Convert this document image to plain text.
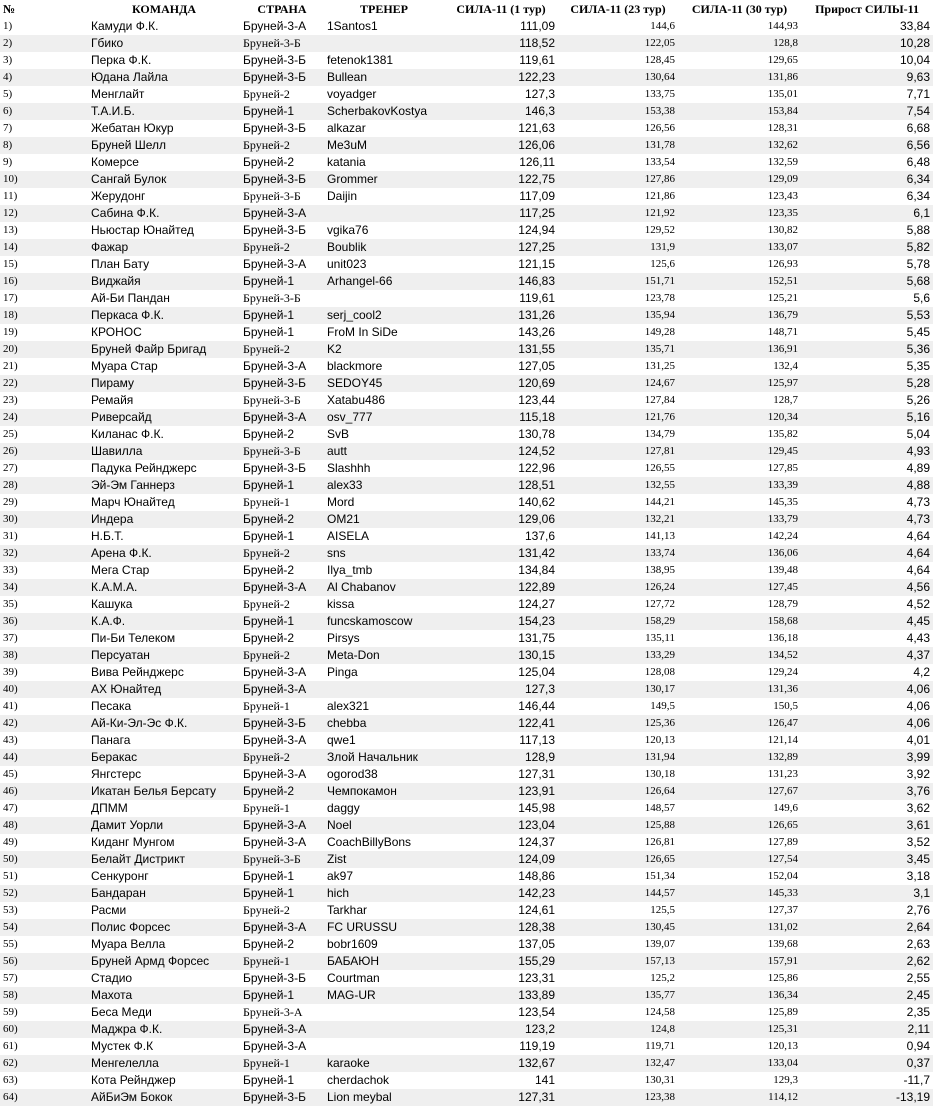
№	КОМАНДА	СТРАНА	ТРЕНЕР	СИЛА-11 (1 тур)	СИЛА-11 (23 тур)	СИЛА-11 (30 тур)	Прирост СИЛЫ-11
1)	Камуди Ф.К.	Бруней-3-А	1Santos1	111,09	144,6	144,93	33,84
2)	Гбико	Бруней-3-Б		118,52	122,05	128,8	10,28
3)	Перка Ф.К.	Бруней-3-Б	fetenok1381	119,61	128,45	129,65	10,04
4)	Юдана Лайла	Бруней-3-Б	Bullean	122,23	130,64	131,86	9,63
5)	Менглайт	Бруней-2	voyadger	127,3	133,75	135,01	7,71
6)	Т.А.И.Б.	Бруней-1	ScherbakovKostya	146,3	153,38	153,84	7,54
7)	Жебатан Юкур	Бруней-3-Б	alkazar	121,63	126,56	128,31	6,68
8)	Бруней Шелл	Бруней-2	Me3uM	126,06	131,78	132,62	6,56
9)	Комерсе	Бруней-2	katania	126,11	133,54	132,59	6,48
10)	Сангай Булок	Бруней-3-Б	Grommer	122,75	127,86	129,09	6,34
11)	Жерудонг	Бруней-3-Б	Daijin	117,09	121,86	123,43	6,34
12)	Сабина Ф.К.	Бруней-3-А		117,25	121,92	123,35	6,1
13)	Ньюстар Юнайтед	Бруней-3-Б	vgika76	124,94	129,52	130,82	5,88
14)	Фажар	Бруней-2	Boublik	127,25	131,9	133,07	5,82
15)	План Бату	Бруней-3-А	unit023	121,15	125,6	126,93	5,78
16)	Виджайя	Бруней-1	Arhangel-66	146,83	151,71	152,51	5,68
17)	Ай-Би Пандан	Бруней-3-Б		119,61	123,78	125,21	5,6
18)	Перкаса Ф.К.	Бруней-1	serj_cool2	131,26	135,94	136,79	5,53
19)	КРОНОС	Бруней-1	FroM In SiDe	143,26	149,28	148,71	5,45
20)	Бруней Файр Бригад	Бруней-2	K2	131,55	135,71	136,91	5,36
21)	Муара Стар	Бруней-3-А	blackmore	127,05	131,25	132,4	5,35
22)	Пираму	Бруней-3-Б	SEDOY45	120,69	124,67	125,97	5,28
23)	Ремайя	Бруней-3-Б	Xatabu486	123,44	127,84	128,7	5,26
24)	Риверсайд	Бруней-3-А	osv_777	115,18	121,76	120,34	5,16
25)	Киланас Ф.К.	Бруней-2	SvB	130,78	134,79	135,82	5,04
26)	Шавилла	Бруней-3-Б	autt	124,52	127,81	129,45	4,93
27)	Падука Рейнджерс	Бруней-3-Б	Slashhh	122,96	126,55	127,85	4,89
28)	Эй-Эм Ганнерз	Бруней-1	alex33	128,51	132,55	133,39	4,88
29)	Марч Юнайтед	Бруней-1	Mord	140,62	144,21	145,35	4,73
30)	Индера	Бруней-2	OM21	129,06	132,21	133,79	4,73
31)	Н.Б.Т.	Бруней-1	AISELA	137,6	141,13	142,24	4,64
32)	Арена Ф.К.	Бруней-2	sns	131,42	133,74	136,06	4,64
33)	Мега Стар	Бруней-2	Ilya_tmb	134,84	138,95	139,48	4,64
34)	К.А.М.А.	Бруней-3-А	Al Chabanov	122,89	126,24	127,45	4,56
35)	Кашука	Бруней-2	kissa	124,27	127,72	128,79	4,52
36)	К.А.Ф.	Бруней-1	funcskamoscow	154,23	158,29	158,68	4,45
37)	Пи-Би Телеком	Бруней-2	Pirsys	131,75	135,11	136,18	4,43
38)	Персуатан	Бруней-2	Meta-Don	130,15	133,29	134,52	4,37
39)	Вива Рейнджерс	Бруней-3-А	Pinga	125,04	128,08	129,24	4,2
40)	АХ Юнайтед	Бруней-3-А		127,3	130,17	131,36	4,06
41)	Песака	Бруней-1	alex321	146,44	149,5	150,5	4,06
42)	Ай-Ки-Эл-Эс Ф.К.	Бруней-3-Б	chebba	122,41	125,36	126,47	4,06
43)	Панага	Бруней-3-А	qwe1	117,13	120,13	121,14	4,01
44)	Беракас	Бруней-2	Злой Начальник	128,9	131,94	132,89	3,99
45)	Янгстерс	Бруней-3-А	ogorod38	127,31	130,18	131,23	3,92
46)	Икатан Белья Берсату	Бруней-2	Чемпокамон	123,91	126,64	127,67	3,76
47)	ДПММ	Бруней-1	daggy	145,98	148,57	149,6	3,62
48)	Дамит Уорли	Бруней-3-А	Noel	123,04	125,88	126,65	3,61
49)	Киданг Мунгом	Бруней-3-А	CoachBillyBons	124,37	126,81	127,89	3,52
50)	Белайт Дистрикт	Бруней-3-Б	Zist	124,09	126,65	127,54	3,45
51)	Сенкуронг	Бруней-1	ak97	148,86	151,34	152,04	3,18
52)	Бандаран	Бруней-1	hich	142,23	144,57	145,33	3,1
53)	Расми	Бруней-2	Tarkhar	124,61	125,5	127,37	2,76
54)	Полис Форсес	Бруней-3-А	FC URUSSU	128,38	130,45	131,02	2,64
55)	Муара Велла	Бруней-2	bobr1609	137,05	139,07	139,68	2,63
56)	Бруней Армд Форсес	Бруней-1	БАБАЮН	155,29	157,13	157,91	2,62
57)	Стадио	Бруней-3-Б	Courtman	123,31	125,2	125,86	2,55
58)	Махота	Бруней-1	MAG-UR	133,89	135,77	136,34	2,45
59)	Беса Меди	Бруней-3-А		123,54	124,58	125,89	2,35
60)	Маджра Ф.К.	Бруней-3-А		123,2	124,8	125,31	2,11
61)	Мустек Ф.К	Бруней-3-А		119,19	119,71	120,13	0,94
62)	Менгелелла	Бруней-1	karaoke	132,67	132,47	133,04	0,37
63)	Кота Рейнджер	Бруней-1	cherdachok	141	130,31	129,3	-11,7
64)	АйБиЭм Бокок	Бруней-3-Б	Lion meybal	127,31	123,38	114,12	-13,19
